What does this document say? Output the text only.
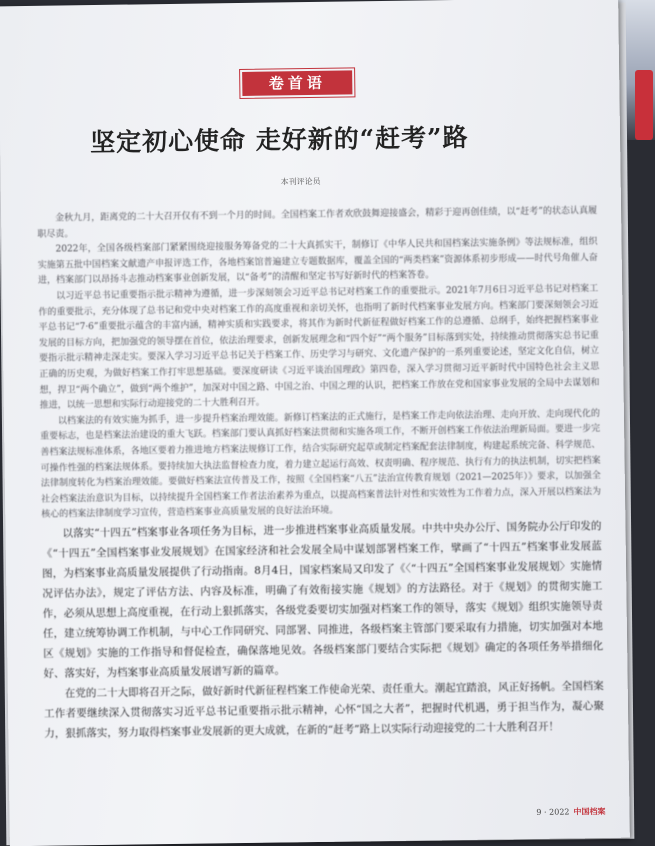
卷首语
坚定初心使命 走好新的“赶考”路
本刊评论员

金秋九月，距离党的二十大召开仅有不到一个月的时间。全国档案工作者欢欣鼓舞迎接盛会，精彩于迎再创佳绩，以“赶考”的状态认真履职尽责。

2022年，全国各级档案部门紧紧围绕迎接服务筹备党的二十大真抓实干，制修订《中华人民共和国档案法实施条例》等法规标准，组织实施第五批中国档案文献遗产申报评选工作，各地档案馆普遍建立专题数据库，覆盖全国的“两类档案”资源体系初步形成——时代号角催人奋进，档案部门以昂扬斗志推动档案事业创新发展，以“备考”的清醒和坚定书写好新时代的档案答卷。

以习近平总书记重要指示批示精神为遵循，进一步深刻领会习近平总书记对档案工作的重要批示。2021年7月6日习近平总书记对档案工作的重要批示，充分体现了总书记和党中央对档案工作的高度重视和亲切关怀，也指明了新时代档案事业发展方向。档案部门要深刻领会习近平总书记“7·6”重要批示蕴含的丰富内涵，精神实质和实践要求，将其作为新时代新征程做好档案工作的总遵循、总纲手，始终把握档案事业发展的目标方向，把加强党的领导摆在首位，依法治理要求，创新发展理念和“四个好”“两个服务”目标落到实处，持续推动贯彻落实总书记重要指示批示精神走深走实。要深入学习习近平总书记关于档案工作、历史学习与研究、文化遗产保护的一系列重要论述，坚定文化自信，树立正确的历史观，为做好档案工作打牢思想基础。要深度研读《习近平谈治国理政》第四卷，深入学习贯彻习近平新时代中国特色社会主义思想，捍卫“两个确立”，做到“两个维护”，加深对中国之路、中国之治、中国之理的认识，把档案工作放在党和国家事业发展的全局中去谋划和推进，以统一思想和实际行动迎接党的二十大胜利召开。

以档案法的有效实施为抓手，进一步提升档案治理效能。新修订档案法的正式施行，是档案工作走向依法治理、走向开放、走向现代化的重要标志，也是档案法治建设的重大飞跃。档案部门要认真抓好档案法贯彻和实施各项工作，不断开创档案工作依法治理新局面。要进一步完善档案法规标准体系，各地区要着力推进地方档案法规修订工作，结合实际研究起草或制定档案配套法律制度，构建起系统完备、科学规范、可操作性强的档案法规体系。要持续加大执法监督检查力度，着力建立起运行高效、权责明确、程序规范、执行有力的执法机制，切实把档案法律制度转化为档案治理效能。要做好档案法宣传普及工作，按照《全国档案“八五”法治宣传教育规划（2021—2025年）》要求，以加强全社会档案法治意识为目标，以持续提升全国档案工作者法治素养为重点，以提高档案普法针对性和实效性为工作着力点，深入开展以档案法为核心的档案法律制度学习宣传，营造档案事业高质量发展的良好法治环境。

以落实“十四五”档案事业各项任务为目标，进一步推进档案事业高质量发展。中共中央办公厅、国务院办公厅印发的《“十四五”全国档案事业发展规划》在国家经济和社会发展全局中谋划部署档案工作，擘画了“十四五”档案事业发展蓝图，为档案事业高质量发展提供了行动指南。8月4日，国家档案局又印发了《〈“十四五”全国档案事业发展规划〉实施情况评估办法》，规定了评估方法、内容及标准，明确了有效衔接实施《规划》的方法路径。对于《规划》的贯彻实施工作，必须从思想上高度重视，在行动上狠抓落实，各级党委要切实加强对档案工作的领导，落实《规划》组织实施领导责任，建立统筹协调工作机制，与中心工作同研究、同部署、同推进，各级档案主管部门要采取有力措施，切实加强对本地区《规划》实施的工作指导和督促检查，确保落地见效。各级档案部门要结合实际把《规划》确定的各项任务举措细化好、落实好，为档案事业高质量发展谱写新的篇章。

在党的二十大即将召开之际，做好新时代新征程档案工作使命光荣、责任重大。潮起宜踏浪，风正好扬帆。全国档案工作者要继续深入贯彻落实习近平总书记重要指示批示精神，心怀“国之大者”，把握时代机遇，勇于担当作为，凝心聚力，狠抓落实，努力取得档案事业发展新的更大成就，在新的“赶考”路上以实际行动迎接党的二十大胜利召开！

9 · 2022 中国档案
